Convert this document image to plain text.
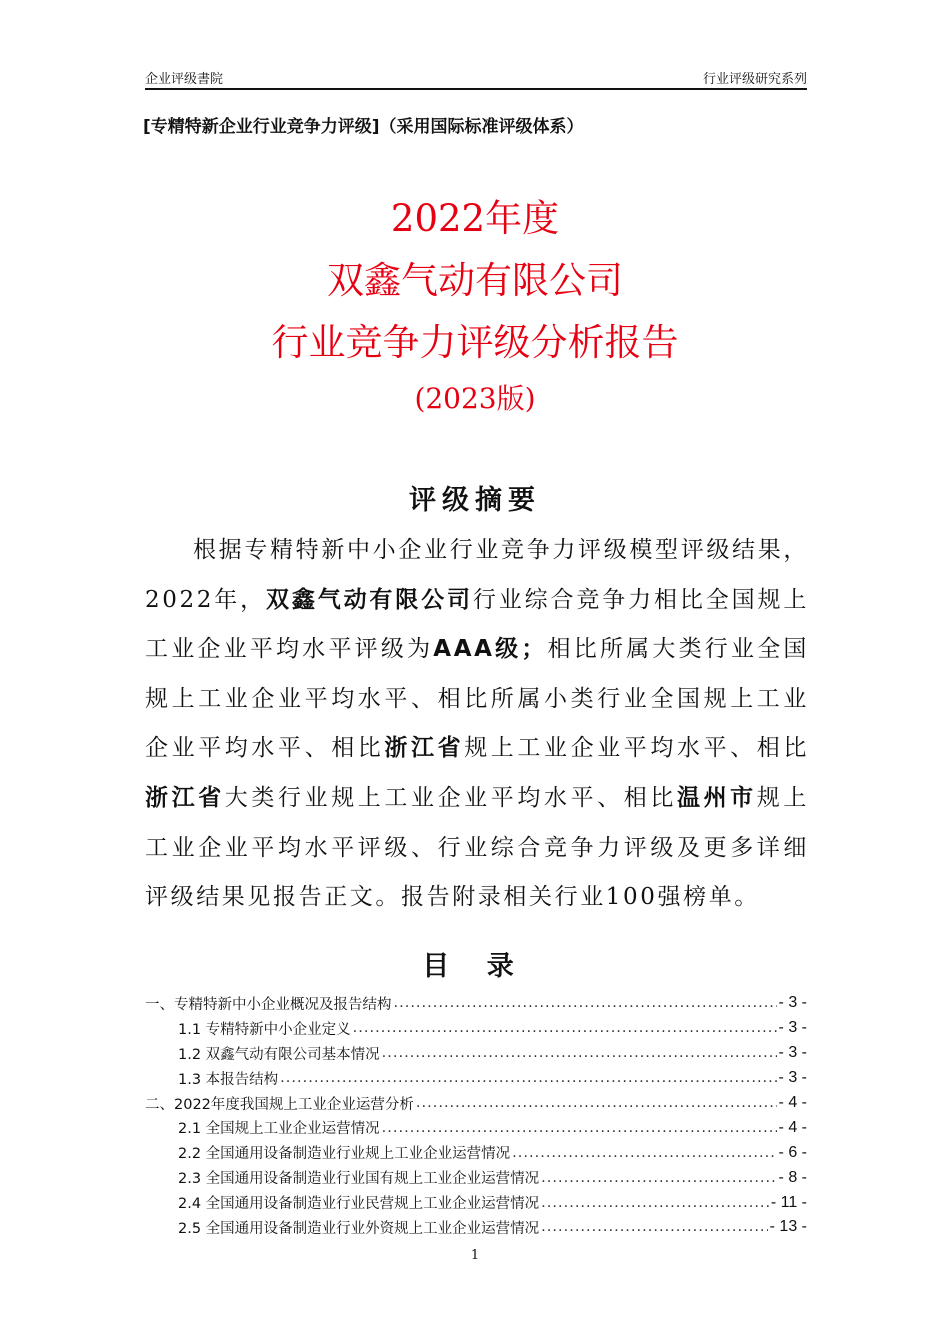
企业评级書院	行业评级研究系列
[专精特新企业行业竞争力评级]（采用国际标准评级体系）
2022年度
双鑫气动有限公司
行业竞争力评级分析报告
(2023版)
评级摘要

根据专精特新中小企业行业竞争力评级模型评级结果，2022年，双鑫气动有限公司行业综合竞争力相比全国规上工业企业平均水平评级为AAA级；相比所属大类行业全国规上工业企业平均水平、相比所属小类行业全国规上工业企业平均水平、相比浙江省规上工业企业平均水平、相比浙江省大类行业规上工业企业平均水平、相比温州市规上工业企业平均水平评级、行业综合竞争力评级及更多详细评级结果见报告正文。报告附录相关行业100强榜单。

目 录
一、专精特新中小企业概况及报告结构 .....	- 3 -
1.1 专精特新中小企业定义 .....	- 3 -
1.2 双鑫气动有限公司基本情况 .....	- 3 -
1.3 本报告结构 .....	- 3 -
二、2022年度我国规上工业企业运营分析 .....	- 4 -
2.1 全国规上工业企业运营情况 .....	- 4 -
2.2 全国通用设备制造业行业规上工业企业运营情况 .....	- 6 -
2.3 全国通用设备制造业行业国有规上工业企业运营情况 .....	- 8 -
2.4 全国通用设备制造业行业民营规上工业企业运营情况 .....	- 11 -
2.5 全国通用设备制造业行业外资规上工业企业运营情况 .....	- 13 -
1
